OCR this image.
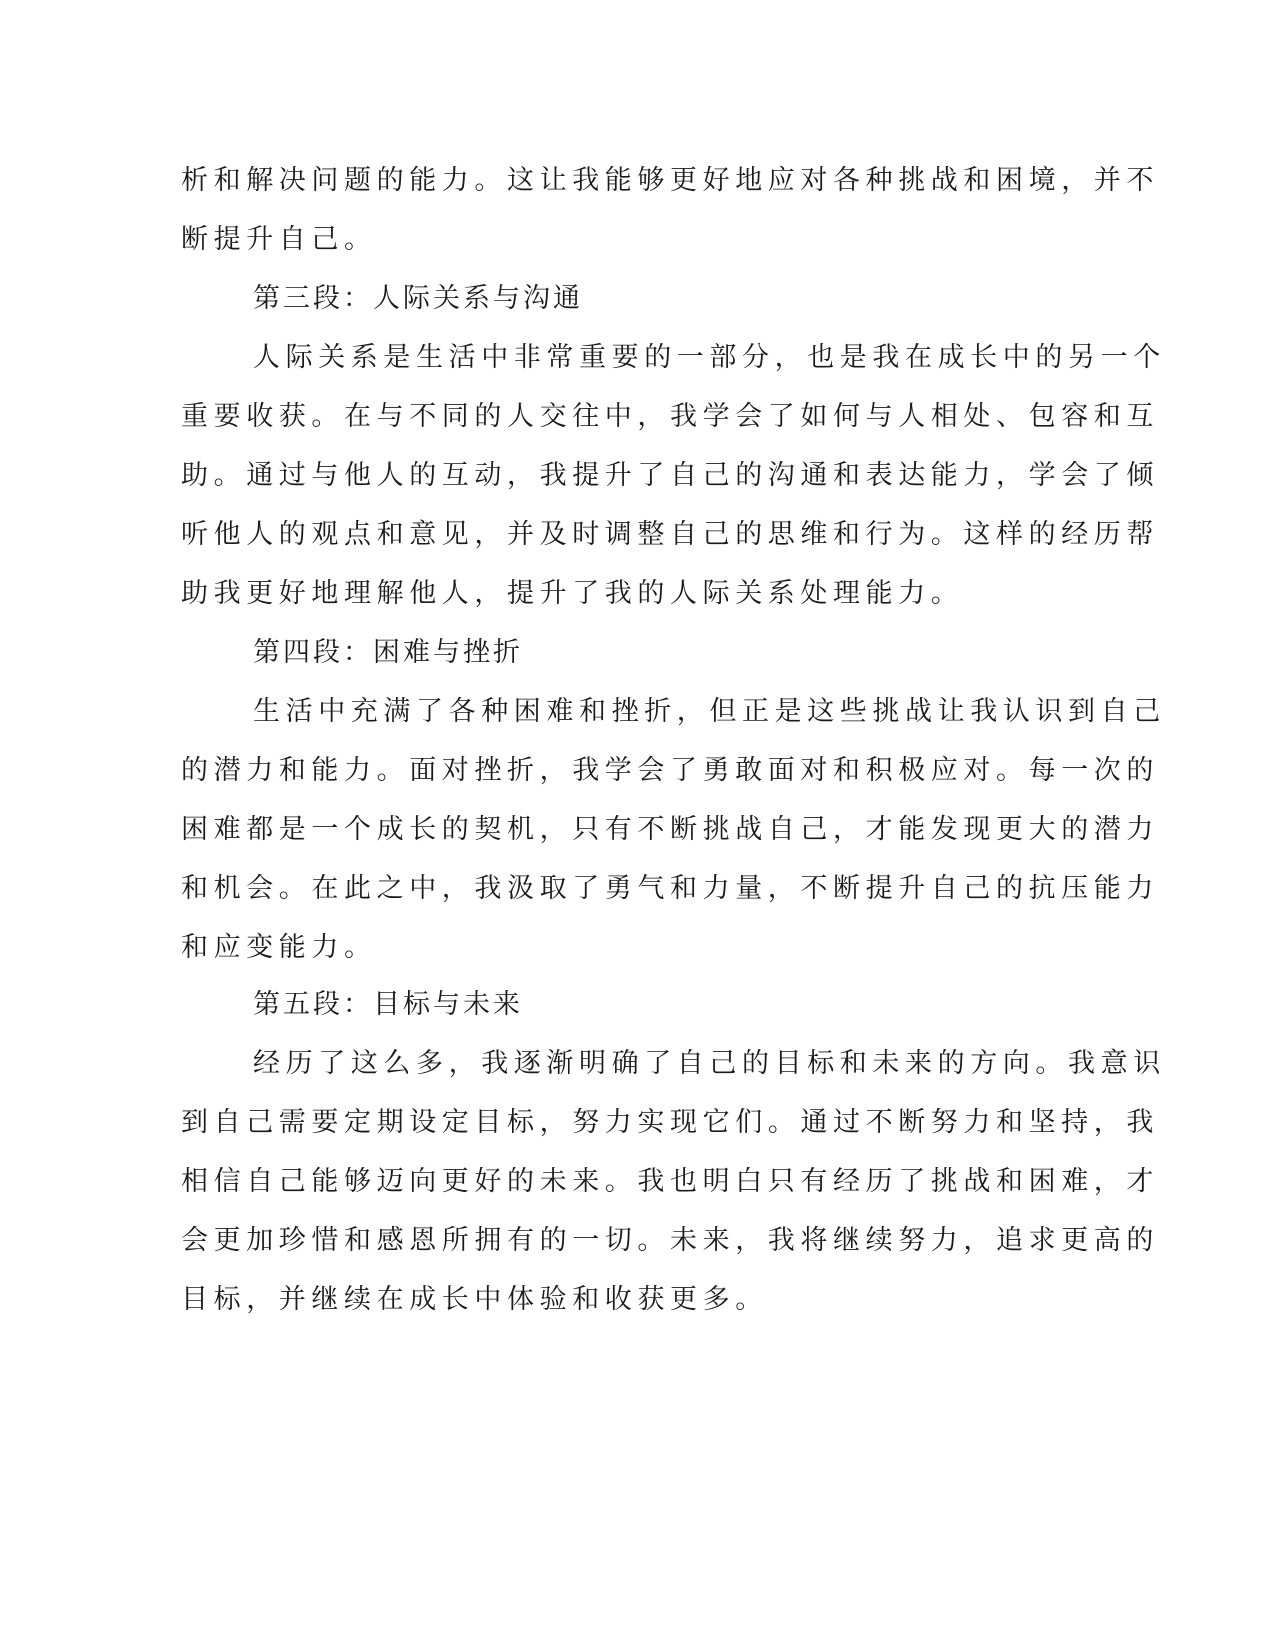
析和解决问题的能力。这让我能够更好地应对各种挑战和困境，并不
断提升自己。
第三段：人际关系与沟通
人际关系是生活中非常重要的一部分，也是我在成长中的另一个
重要收获。在与不同的人交往中，我学会了如何与人相处、包容和互
助。通过与他人的互动，我提升了自己的沟通和表达能力，学会了倾
听他人的观点和意见，并及时调整自己的思维和行为。这样的经历帮
助我更好地理解他人，提升了我的人际关系处理能力。
第四段：困难与挫折
生活中充满了各种困难和挫折，但正是这些挑战让我认识到自己
的潜力和能力。面对挫折，我学会了勇敢面对和积极应对。每一次的
困难都是一个成长的契机，只有不断挑战自己，才能发现更大的潜力
和机会。在此之中，我汲取了勇气和力量，不断提升自己的抗压能力
和应变能力。
第五段：目标与未来
经历了这么多，我逐渐明确了自己的目标和未来的方向。我意识
到自己需要定期设定目标，努力实现它们。通过不断努力和坚持，我
相信自己能够迈向更好的未来。我也明白只有经历了挑战和困难，才
会更加珍惜和感恩所拥有的一切。未来，我将继续努力，追求更高的
目标，并继续在成长中体验和收获更多。
